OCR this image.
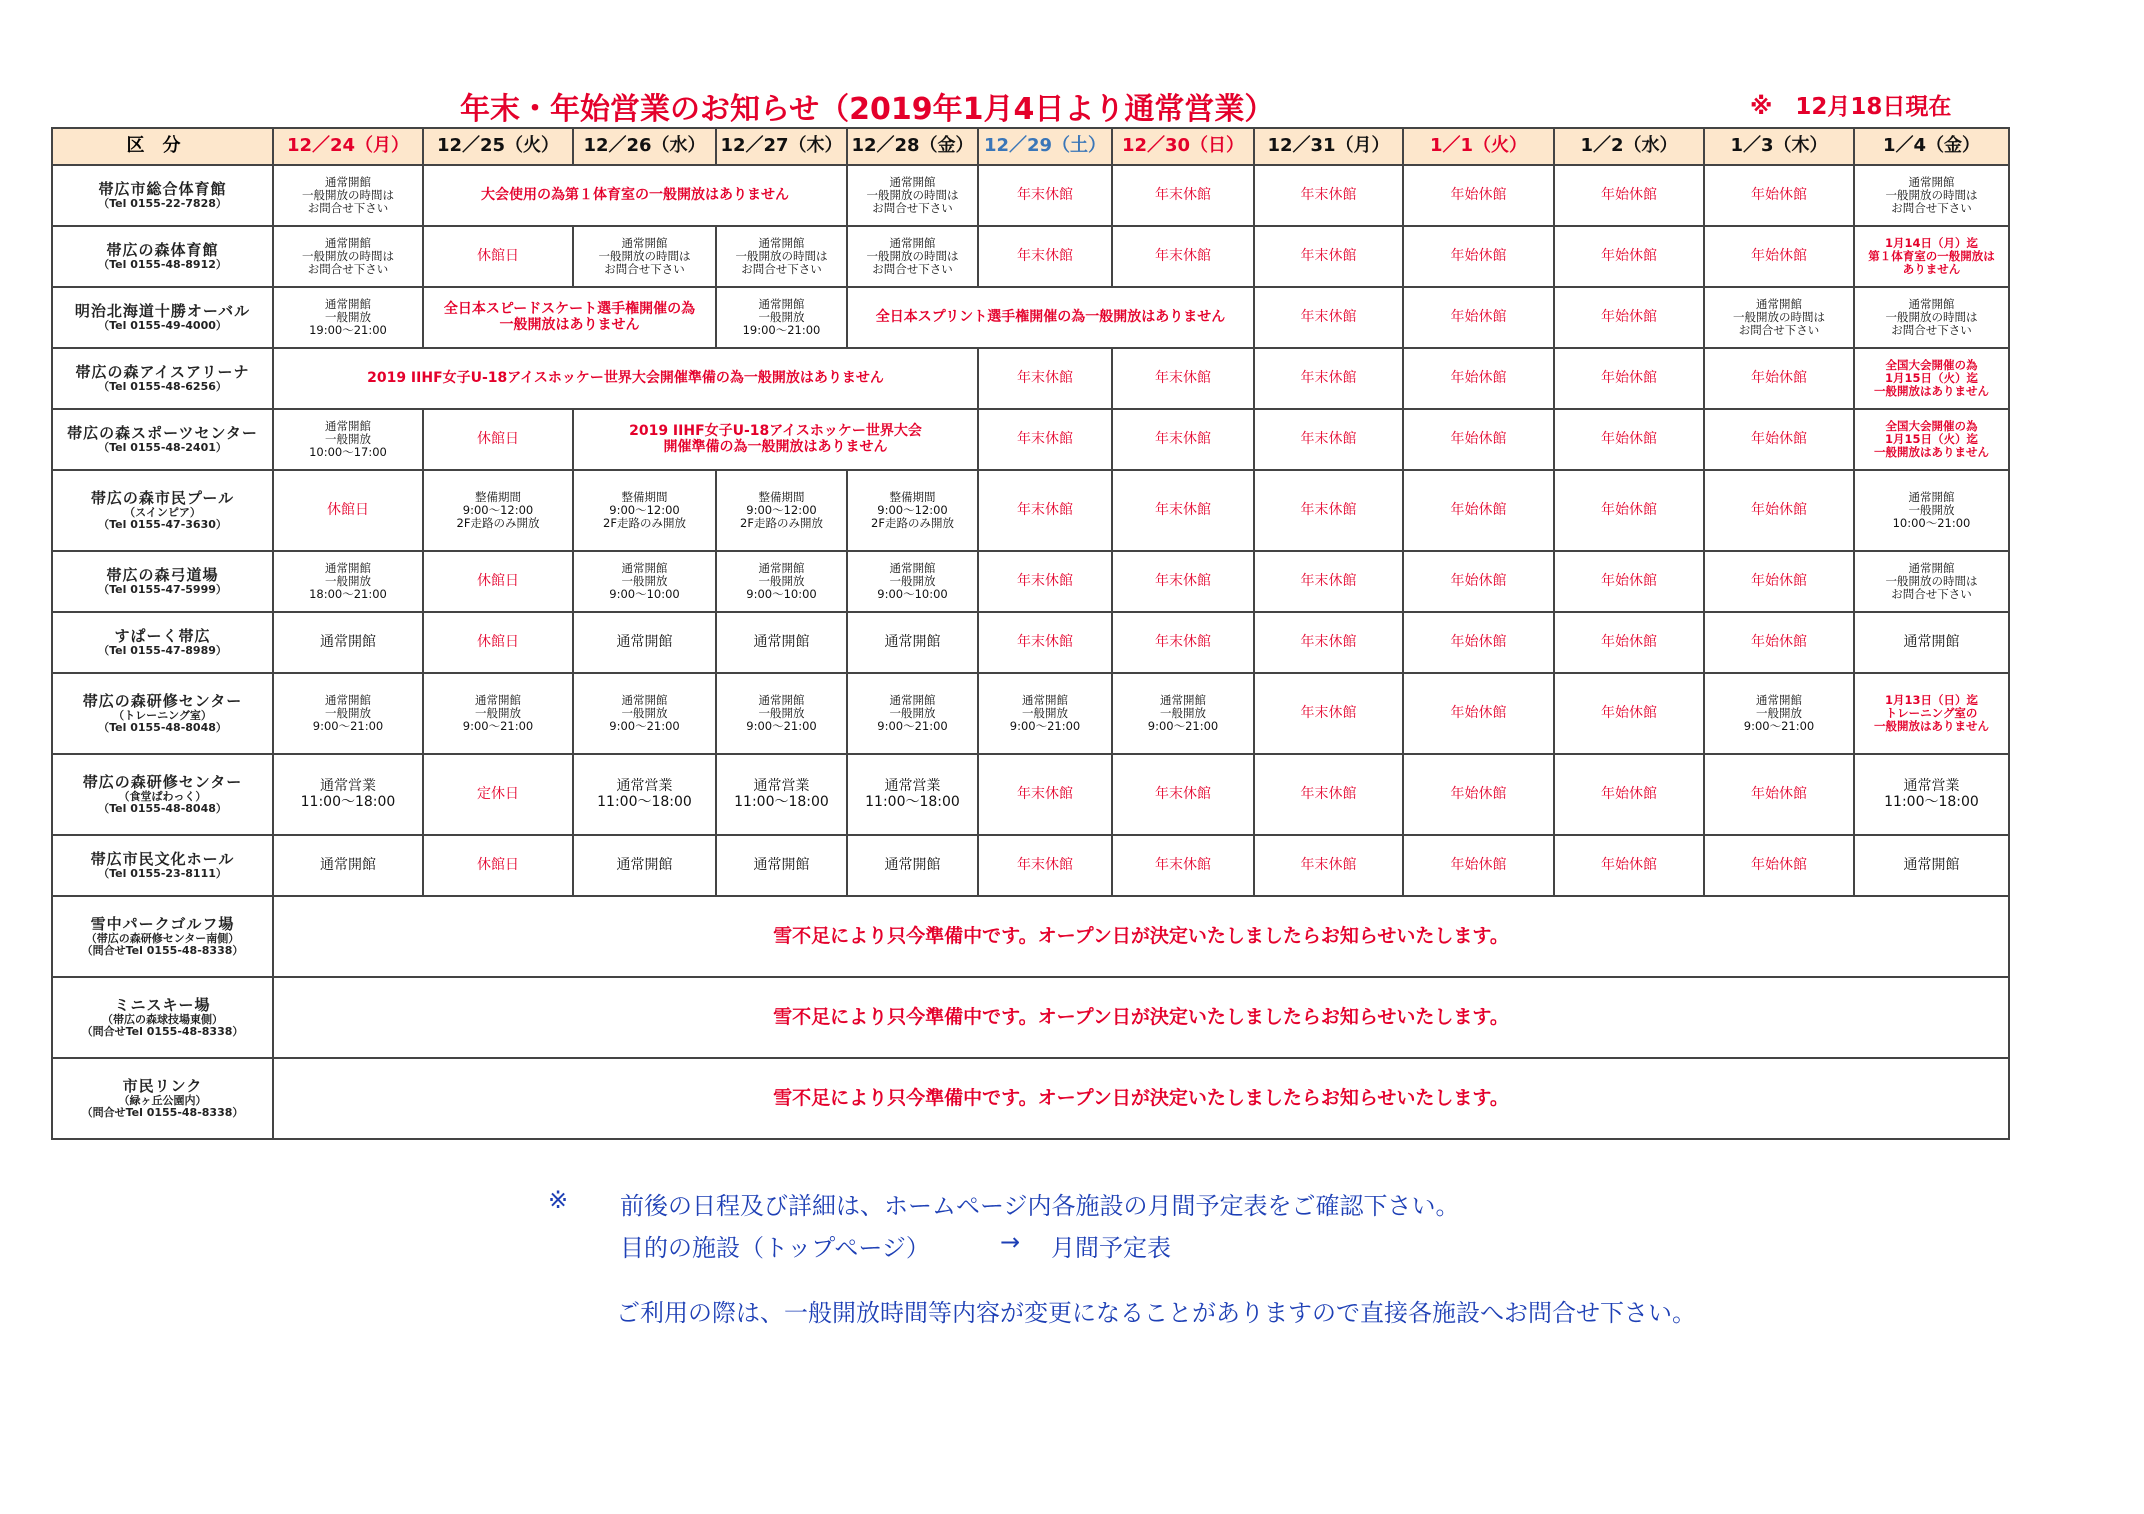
年末・年始営業のお知らせ（2019年1月4日より通常営業）	※　12月18日現在
区分	12／24（月）	12／25（火）	12／26（水）	12／27（木）	12／28（金）	12／29（土）	12／30（日）	12／31（月）	1／1（火）	1／2（水）	1／3（木）	1／4（金）

帯広市総合体育館
（Tel 0155-22-7828）	通常開館
一般開放の時間は
お問合せ下さい	大会使用の為第１体育室の一般開放はありません			通常開館
一般開放の時間は
お問合せ下さい	年末休館	年末休館	年末休館	年始休館	年始休館	年始休館	通常開館
一般開放の時間は
お問合せ下さい

帯広の森体育館
（Tel 0155-48-8912）	通常開館
一般開放の時間は
お問合せ下さい	休館日	通常開館
一般開放の時間は
お問合せ下さい	通常開館
一般開放の時間は
お問合せ下さい	通常開館
一般開放の時間は
お問合せ下さい	年末休館	年末休館	年末休館	年始休館	年始休館	年始休館	1月14日（月）迄
第１体育室の一般開放は
ありません

明治北海道十勝オーバル
（Tel 0155-49-4000）	通常開館
一般開放
19:00～21:00	全日本スピードスケート選手権開催の為
一般開放はありません		通常開館
一般開放
19:00～21:00	全日本スプリント選手権開催の為一般開放はありません			年末休館	年始休館	年始休館	通常開館
一般開放の時間は
お問合せ下さい	通常開館
一般開放の時間は
お問合せ下さい

帯広の森アイスアリーナ
（Tel 0155-48-6256）	2019 IIHF女子U-18アイスホッケー世界大会開催準備の為一般開放はありません					年末休館	年末休館	年末休館	年始休館	年始休館	年始休館	全国大会開催の為
1月15日（火）迄
一般開放はありません

帯広の森スポーツセンター
（Tel 0155-48-2401）	通常開館
一般開放
10:00～17:00	休館日	2019 IIHF女子U-18アイスホッケー世界大会
開催準備の為一般開放はありません			年末休館	年末休館	年末休館	年始休館	年始休館	年始休館	全国大会開催の為
1月15日（火）迄
一般開放はありません

帯広の森市民プール
（スインピア）
（Tel 0155-47-3630）	休館日	整備期間
9:00～12:00
2F走路のみ開放	整備期間
9:00～12:00
2F走路のみ開放	整備期間
9:00～12:00
2F走路のみ開放	整備期間
9:00～12:00
2F走路のみ開放	年末休館	年末休館	年末休館	年始休館	年始休館	年始休館	通常開館
一般開放
10:00～21:00

帯広の森弓道場
（Tel 0155-47-5999）	通常開館
一般開放
18:00～21:00	休館日	通常開館
一般開放
9:00～10:00	通常開館
一般開放
9:00～10:00	通常開館
一般開放
9:00～10:00	年末休館	年末休館	年末休館	年始休館	年始休館	年始休館	通常開館
一般開放の時間は
お問合せ下さい

すぱーく帯広
（Tel 0155-47-8989）	通常開館	休館日	通常開館	通常開館	通常開館	年末休館	年末休館	年末休館	年始休館	年始休館	年始休館	通常開館

帯広の森研修センター
（トレーニング室）
（Tel 0155-48-8048）	通常開館
一般開放
9:00～21:00	通常開館
一般開放
9:00～21:00	通常開館
一般開放
9:00～21:00	通常開館
一般開放
9:00～21:00	通常開館
一般開放
9:00～21:00	通常開館
一般開放
9:00～21:00	通常開館
一般開放
9:00～21:00	年末休館	年始休館	年始休館	通常開館
一般開放
9:00～21:00	1月13日（日）迄
トレーニング室の
一般開放はありません

帯広の森研修センター
（食堂ぱわっく）
（Tel 0155-48-8048）	通常営業
11:00～18:00	定休日	通常営業
11:00～18:00	通常営業
11:00～18:00	通常営業
11:00～18:00	年末休館	年末休館	年末休館	年始休館	年始休館	年始休館	通常営業
11:00～18:00

帯広市民文化ホール
（Tel 0155-23-8111）	通常開館	休館日	通常開館	通常開館	通常開館	年末休館	年末休館	年末休館	年始休館	年始休館	年始休館	通常開館

雪中パークゴルフ場
（帯広の森研修センター南側）
（問合せTel 0155-48-8338）	雪不足により只今準備中です。オープン日が決定いたしましたらお知らせいたします。											

ミニスキー場
（帯広の森球技場東側）
（問合せTel 0155-48-8338）	雪不足により只今準備中です。オープン日が決定いたしましたらお知らせいたします。											

市民リンク
（緑ヶ丘公園内）
（問合せTel 0155-48-8338）	雪不足により只今準備中です。オープン日が決定いたしましたらお知らせいたします。											
※ 前後の日程及び詳細は、ホームページ内各施設の月間予定表をご確認下さい。
目的の施設（トップページ）	→ 月間予定表
ご利用の際は、一般開放時間等内容が変更になることがありますので直接各施設へお問合せ下さい。
